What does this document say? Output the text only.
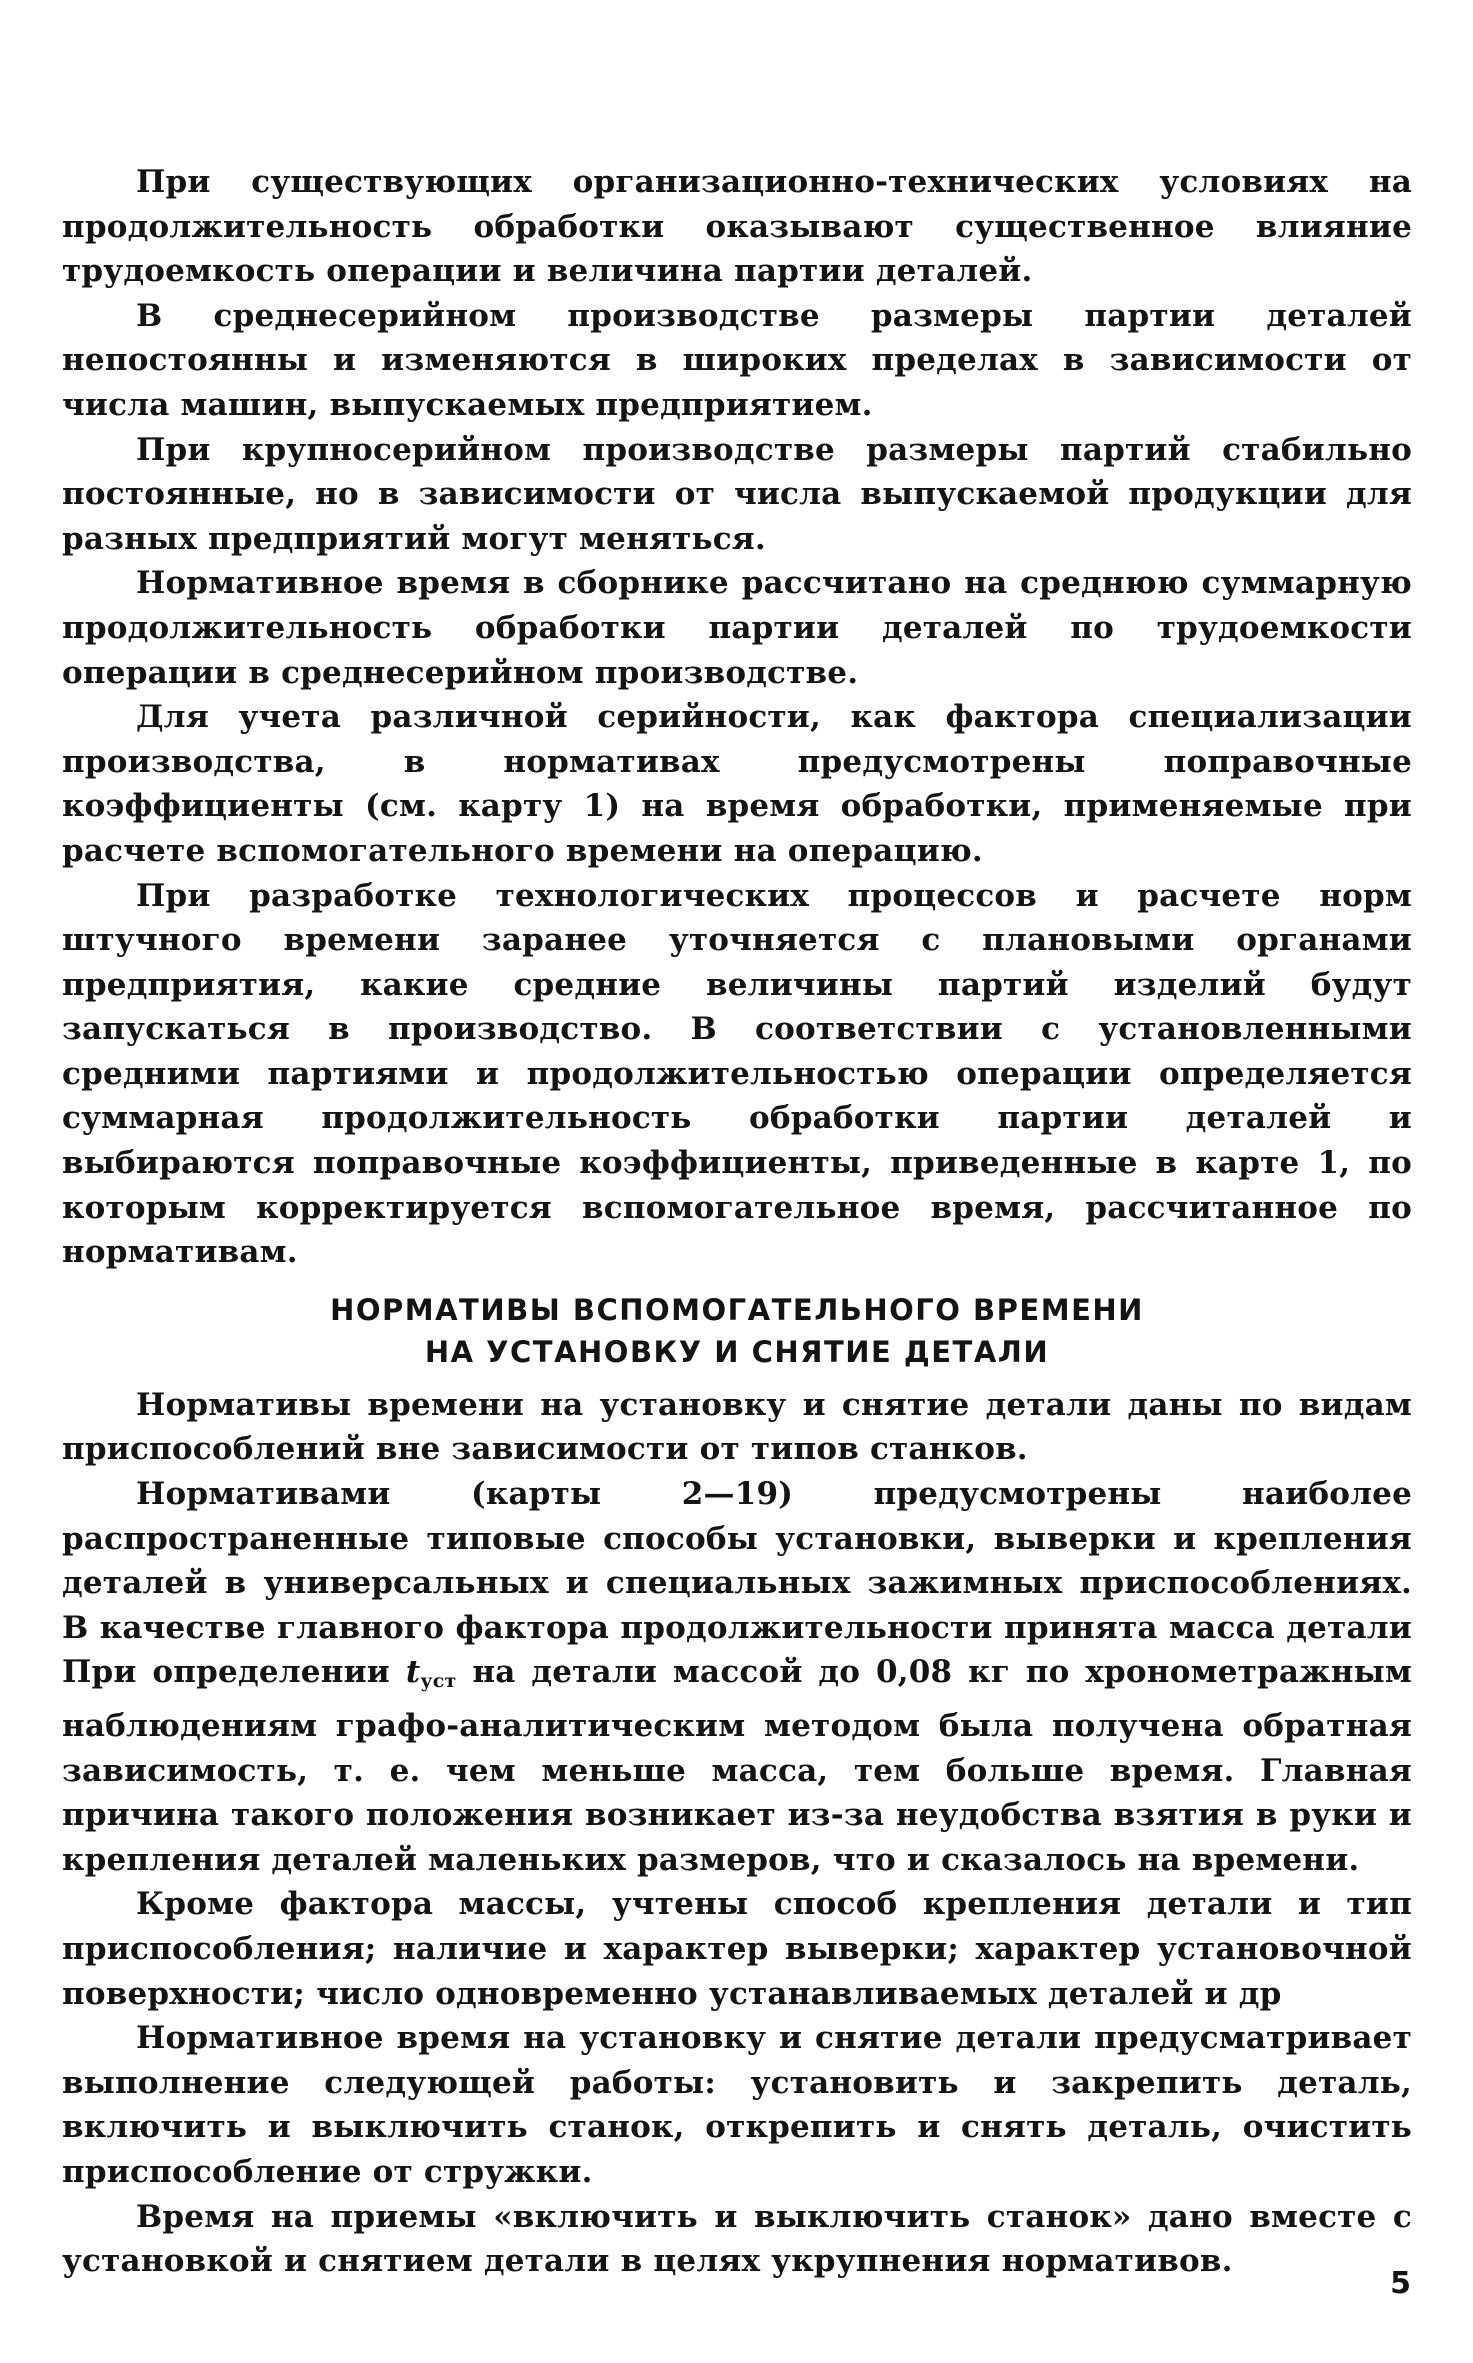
При существующих организационно-технических условиях на продолжительность обработки оказывают существенное влияние трудоемкость операции и величина партии деталей.

В среднесерийном производстве размеры партии деталей непостоянны и изменяются в широких пределах в зависимости от числа машин, выпускаемых предприятием.

При крупносерийном производстве размеры партий стабильно постоянные, но в зависимости от числа выпускаемой продукции для разных предприятий могут меняться.

Нормативное время в сборнике рассчитано на среднюю суммарную продолжительность обработки партии деталей по трудоемкости операции в среднесерийном производстве.

Для учета различной серийности, как фактора специализации производства, в нормативах предусмотрены поправочные коэффициенты (см. карту 1) на время обработки, применяемые при расчете вспомогательного времени на операцию.

При разработке технологических процессов и расчете норм штучного времени заранее уточняется с плановыми органами предприятия, какие средние величины партий изделий будут запускаться в производство. В соответствии с установленными средними партиями и продолжительностью операции определяется суммарная продолжительность обработки партии деталей и выбираются поправочные коэффициенты, приведенные в карте 1, по которым корректируется вспомогательное время, рассчитанное по нормативам.

НОРМАТИВЫ ВСПОМОГАТЕЛЬНОГО ВРЕМЕНИ
НА УСТАНОВКУ И СНЯТИЕ ДЕТАЛИ

Нормативы времени на установку и снятие детали даны по видам приспособлений вне зависимости от типов станков.

Нормативами (карты 2—19) предусмотрены наиболее распространенные типовые способы установки, выверки и крепления деталей в универсальных и специальных зажимных приспособлениях. В качестве главного фактора продолжительности принята масса детали При определении $t_{уст}$ на детали массой до 0,08 кг по хронометражным наблюдениям графо-аналитическим методом была получена обратная зависимость, т. е. чем меньше масса, тем больше время. Главная причина такого положения возникает из-за неудобства взятия в руки и крепления деталей маленьких размеров, что и сказалось на времени.

Кроме фактора массы, учтены способ крепления детали и тип приспособления; наличие и характер выверки; характер установочной поверхности; число одновременно устанавливаемых деталей и др

Нормативное время на установку и снятие детали предусматривает выполнение следующей работы: установить и закрепить деталь, включить и выключить станок, открепить и снять деталь, очистить приспособление от стружки.

Время на приемы «включить и выключить станок» дано вместе с установкой и снятием детали в целях укрупнения нормативов.

5
